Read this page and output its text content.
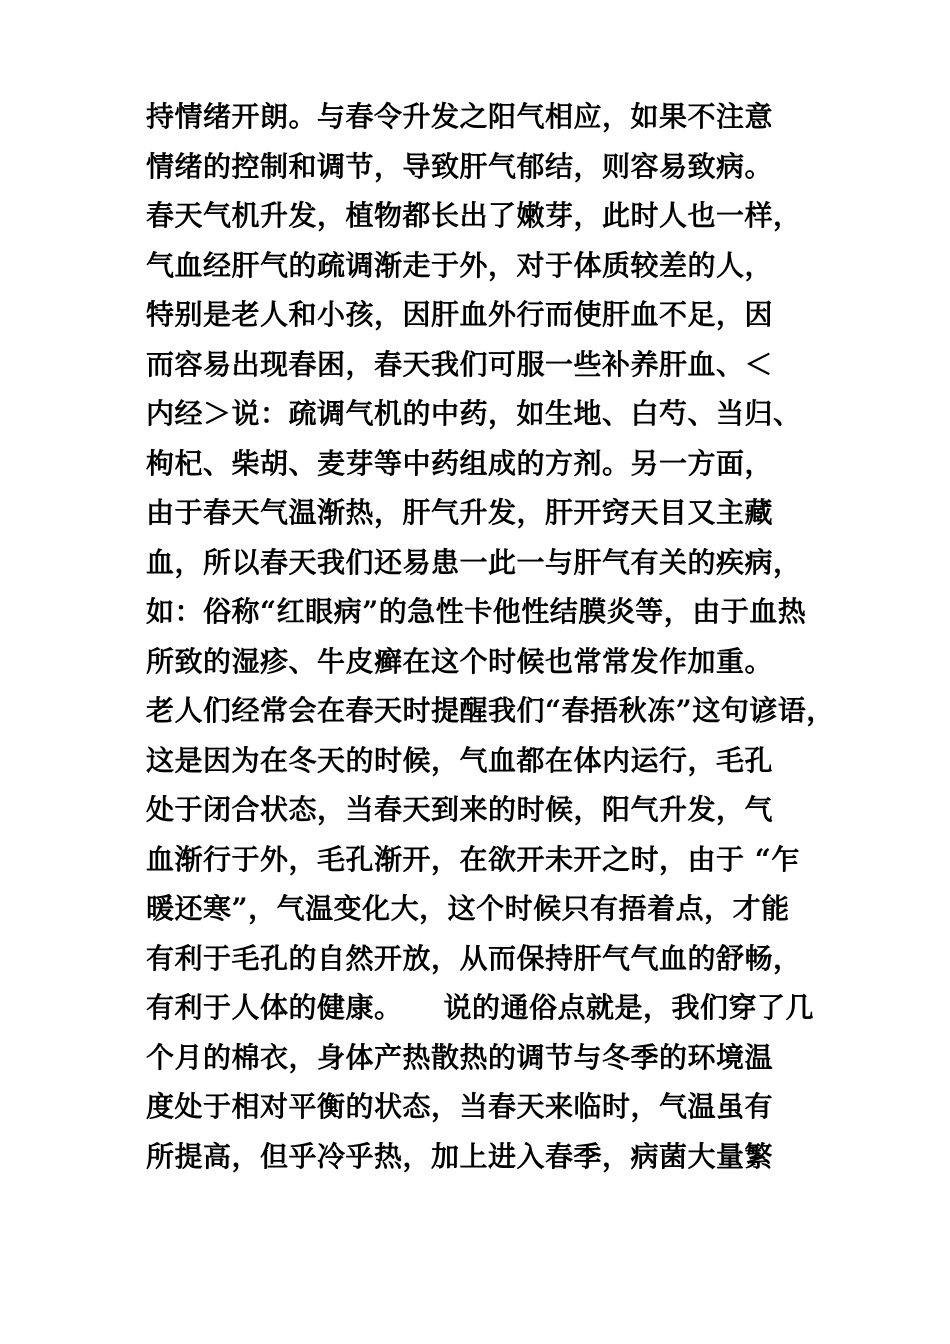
持情绪开朗。与春令升发之阳气相应，如果不注意
情绪的控制和调节，导致肝气郁结，则容易致病。
春天气机升发，植物都长出了嫩芽，此时人也一样，
气血经肝气的疏调渐走于外，对于体质较差的人，
特别是老人和小孩，因肝血外行而使肝血不足，因
而容易出现春困，春天我们可服一些补养肝血、＜
内经＞说：疏调气机的中药，如生地、白芍、当归、
枸杞、柴胡、麦芽等中药组成的方剂。另一方面，
由于春天气温渐热，肝气升发，肝开窍天目又主藏
血，所以春天我们还易患一此一与肝气有关的疾病，
如：俗称“红眼病”的急性卡他性结膜炎等，由于血热
所致的湿疹、牛皮癣在这个时候也常常发作加重。
老人们经常会在春天时提醒我们“春捂秋冻”这句谚语，
这是因为在冬天的时候，气血都在体内运行，毛孔
处于闭合状态，当春天到来的时候，阳气升发，气
血渐行于外，毛孔渐开，在欲开未开之时，由于 “乍
暖还寒”，气温变化大，这个时候只有捂着点，才能
有利于毛孔的自然开放，从而保持肝气气血的舒畅，
有利于人体的健康。    说的通俗点就是，我们穿了几
个月的棉衣，身体产热散热的调节与冬季的环境温
度处于相对平衡的状态，当春天来临时，气温虽有
所提高，但乎冷乎热，加上进入春季，病菌大量繁
